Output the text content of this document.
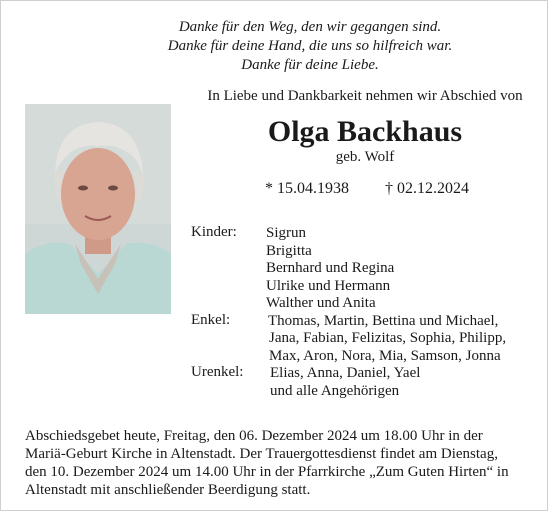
Danke für den Weg, den wir gegangen sind.
Danke für deine Hand, die uns so hilfreich war.
Danke für deine Liebe.
In Liebe und Dankbarkeit nehmen wir Abschied von
Olga Backhaus
geb. Wolf
* 15.04.1938 † 02.12.2024
Kinder: Sigrun
Brigitta
Bernhard und Regina
Ulrike und Hermann
Walther und Anita
Enkel:	Thomas, Martin, Bettina und Michael,
Jana, Fabian, Felizitas, Sophia, Philipp,
Max, Aron, Nora, Mia, Samson, Jonna
Urenkel: Elias, Anna, Daniel, Yael
und alle Angehörigen
Abschiedsgebet heute, Freitag, den 06. Dezember 2024 um 18.00 Uhr in der
Mariä-Geburt Kirche in Altenstadt. Der Trauergottesdienst findet am Dienstag,
den 10. Dezember 2024 um 14.00 Uhr in der Pfarrkirche „Zum Guten Hirten“ in
Altenstadt mit anschließender Beerdigung statt.
